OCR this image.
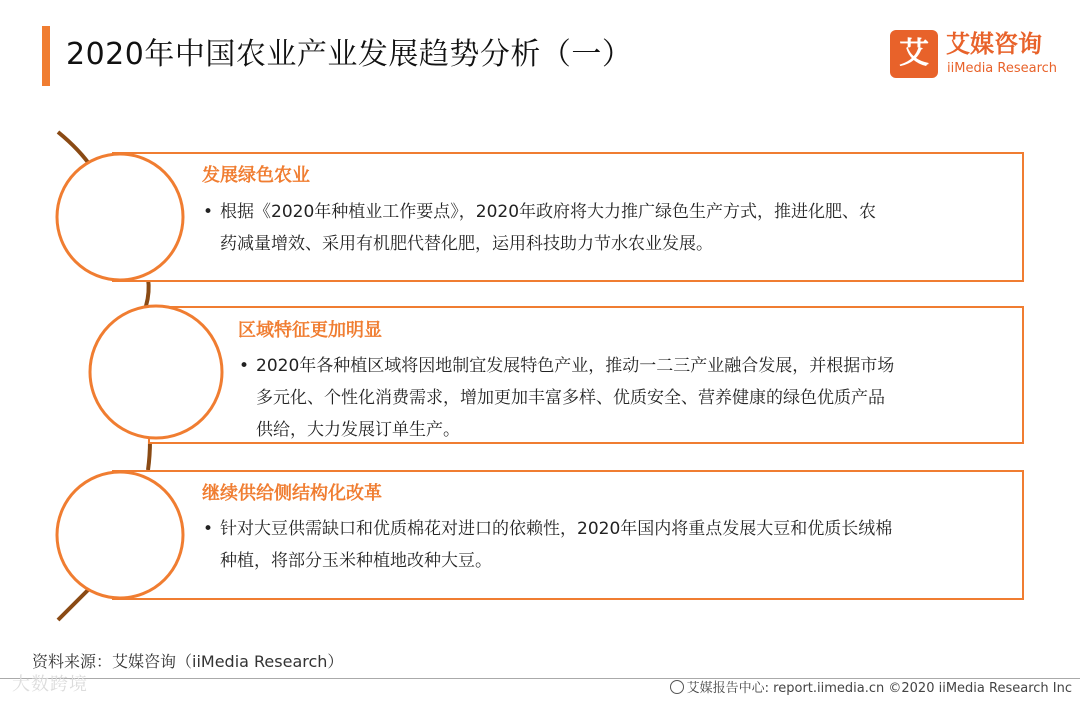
2020年中国农业产业发展趋势分析（一）	艾 艾媒咨询
iiMedia Research
发展绿色农业
• 根据《2020年种植业工作要点》，2020年政府将大力推广绿色生产方式，推进化肥、农
药减量增效、采用有机肥代替化肥，运用科技助力节水农业发展。
区域特征更加明显
• 2020年各种植区域将因地制宜发展特色产业，推动一二三产业融合发展，并根据市场
多元化、个性化消费需求，增加更加丰富多样、优质安全、营养健康的绿色优质产品
供给，大力发展订单生产。
继续供给侧结构化改革
• 针对大豆供需缺口和优质棉花对进口的依赖性，2020年国内将重点发展大豆和优质长绒棉
种植，将部分玉米种植地改种大豆。
资料来源：艾媒咨询（iiMedia Research）
大数跨境	艾媒报告中心: report.iimedia.cn ©2020 iiMedia Research Inc
